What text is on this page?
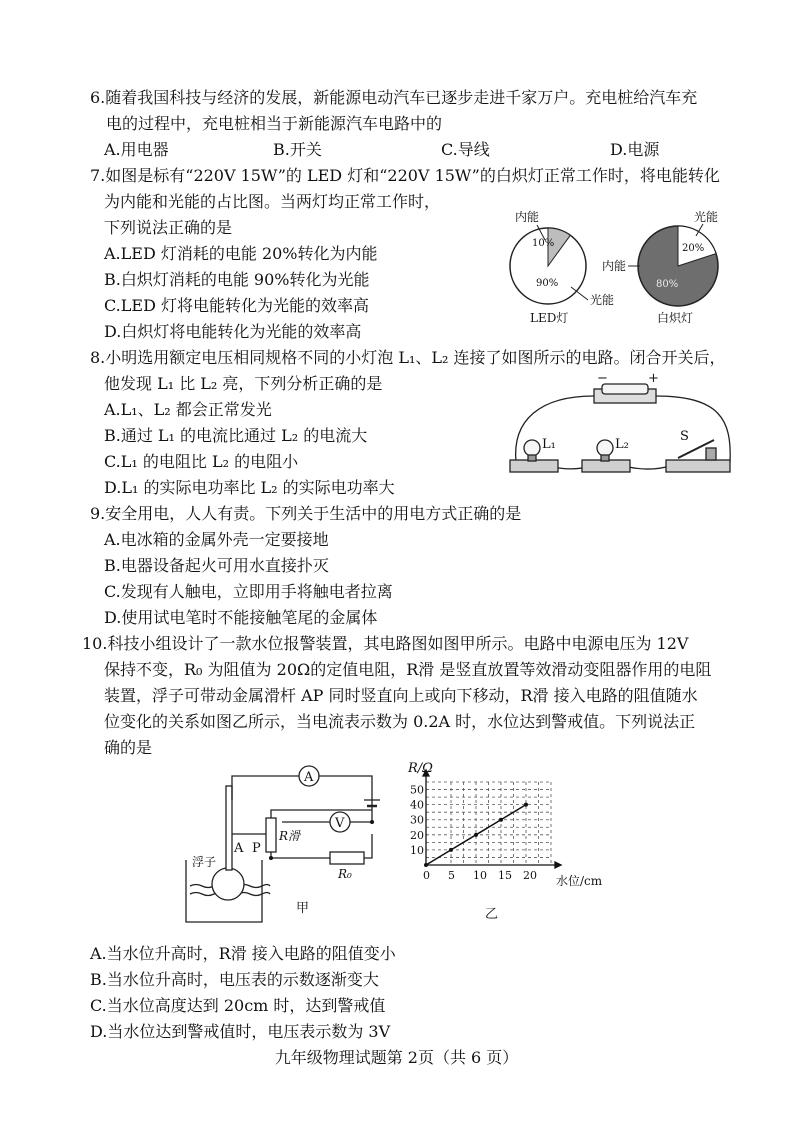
6.随着我国科技与经济的发展，新能源电动汽车已逐步走进千家万户。充电桩给汽车充
电的过程中，充电桩相当于新能源汽车电路中的
A.用电器	B.开关	C.导线	D.电源
7.如图是标有“220V 15W”的 LED 灯和“220V 15W”的白炽灯正常工作时，将电能转化
为内能和光能的占比图。当两灯均正常工作时，
下列说法正确的是
A.LED 灯消耗的电能 20%转化为内能
B.白炽灯消耗的电能 90%转化为光能
C.LED 灯将电能转化为光能的效率高
D.白炽灯将电能转化为光能的效率高
10%
90%
内能
光能
LED灯
20%
80%
光能
内能
白炽灯
8.小明选用额定电压相同规格不同的小灯泡 L₁、L₂ 连接了如图所示的电路。闭合开关后，
他发现 L₁ 比 L₂ 亮，下列分析正确的是
A.L₁、L₂ 都会正常发光
B.通过 L₁ 的电流比通过 L₂ 的电流大
C.L₁ 的电阻比 L₂ 的电阻小
D.L₁ 的实际电功率比 L₂ 的实际电功率大
−	+
L₁	L₂
S
9.安全用电，人人有责。下列关于生活中的用电方式正确的是
A.电冰箱的金属外壳一定要接地
B.电器设备起火可用水直接扑灭
C.发现有人触电，立即用手将触电者拉离
D.使用试电笔时不能接触笔尾的金属体
10.科技小组设计了一款水位报警装置，其电路图如图甲所示。电路中电源电压为 12V
保持不变，R₀ 为阻值为 20Ω的定值电阻，R滑 是竖直放置等效滑动变阻器作用的电阻
装置，浮子可带动金属滑杆 AP 同时竖直向上或向下移动，R滑 接入电路的阻值随水
位变化的关系如图乙所示，当电流表示数为 0.2A 时，水位达到警戒值。下列说法正
确的是
A
V
A P
R滑
R₀
浮子
甲
0 5 10 15 20
10
20
30
40
50
R/Ω
水位/cm
乙
A.当水位升高时，R滑 接入电路的阻值变小
B.当水位升高时，电压表的示数逐渐变大
C.当水位高度达到 20cm 时，达到警戒值
D.当水位达到警戒值时，电压表示数为 3V
九年级物理试题第 2页（共 6 页）
